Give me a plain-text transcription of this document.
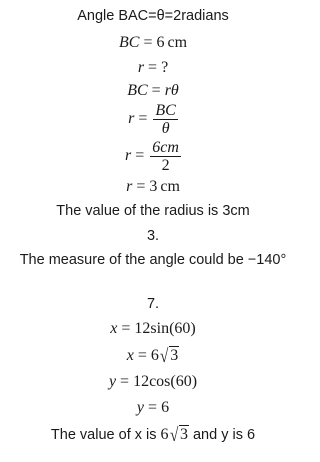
Angle BAC=θ=2radians
BC = 6 cm
r = ?
BC = rθ
$r = \frac{BC}{\theta}$
$r = \frac{6cm}{2}$
r = 3 cm
The value of the radius is 3cm
3.
The measure of the angle could be −140°
7.
x = 12sin(60)
x = 6√ 3
y = 12cos(60)
y = 6
The value of x is 6√ 3 and y is 6
